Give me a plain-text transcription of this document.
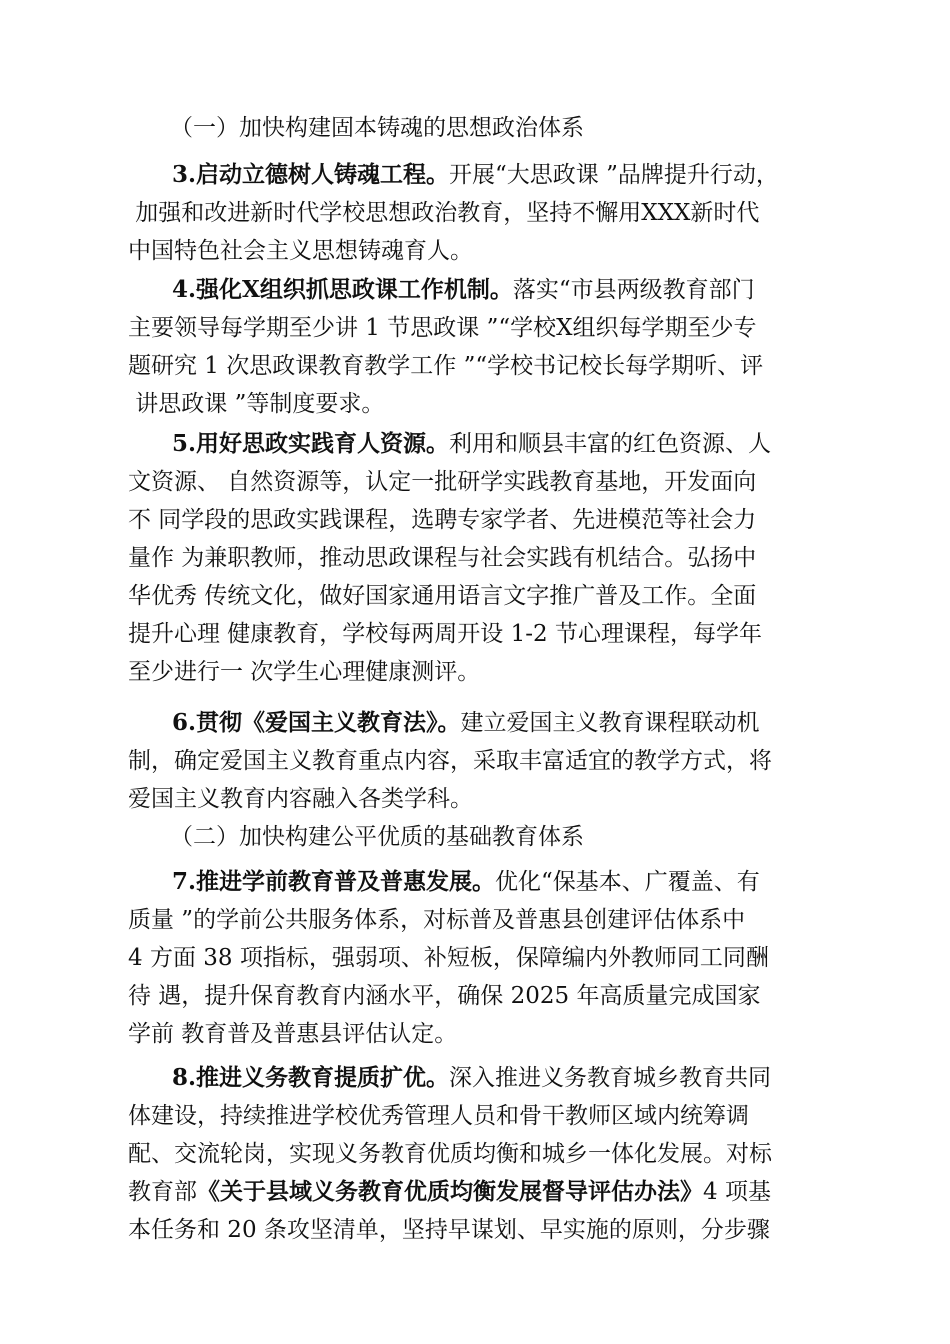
（一）加快构建固本铸魂的思想政治体系
3.启动立德树人铸魂工程。开展“大思政课 ”品牌提升行动，
加强和改进新时代学校思想政治教育，坚持不懈用XXX新时代
中国特色社会主义思想铸魂育人。
4.强化X组织抓思政课工作机制。落实“市县两级教育部门
主要领导每学期至少讲 1 节思政课 ”“学校X组织每学期至少专
题研究 1 次思政课教育教学工作 ”“学校书记校长每学期听、评
讲思政课 ”等制度要求。
5.用好思政实践育人资源。利用和顺县丰富的红色资源、人
文资源、 自然资源等，认定一批研学实践教育基地，开发面向
不 同学段的思政实践课程，选聘专家学者、先进模范等社会力
量作 为兼职教师，推动思政课程与社会实践有机结合。弘扬中
华优秀 传统文化，做好国家通用语言文字推广普及工作。全面
提升心理 健康教育，学校每两周开设 1-2 节心理课程，每学年
至少进行一 次学生心理健康测评。
6.贯彻《爱国主义教育法》。建立爱国主义教育课程联动机
制，确定爱国主义教育重点内容，采取丰富适宜的教学方式，将
爱国主义教育内容融入各类学科。
（二）加快构建公平优质的基础教育体系
7.推进学前教育普及普惠发展。优化“保基本、广覆盖、有
质量 ”的学前公共服务体系，对标普及普惠县创建评估体系中
4 方面 38 项指标，强弱项、补短板，保障编内外教师同工同酬
待 遇，提升保育教育内涵水平，确保 2025 年高质量完成国家
学前 教育普及普惠县评估认定。
8.推进义务教育提质扩优。深入推进义务教育城乡教育共同
体建设，持续推进学校优秀管理人员和骨干教师区域内统筹调
配、交流轮岗，实现义务教育优质均衡和城乡一体化发展。对标
教育部《关于县域义务教育优质均衡发展督导评估办法》4 项基
本任务和 20 条攻坚清单，坚持早谋划、早实施的原则，分步骤
